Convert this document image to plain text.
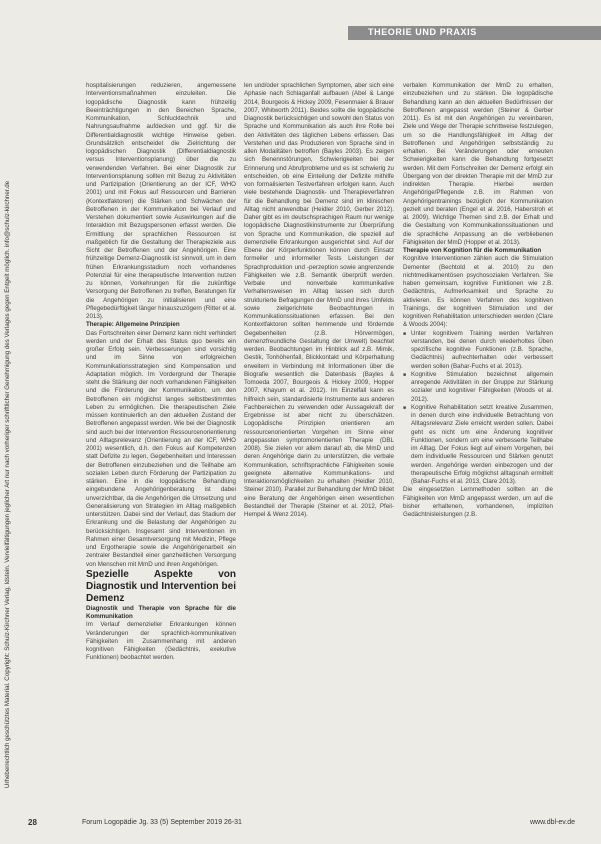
THEORIE UND PRAXIS
Urheberrechtlich geschütztes Material. Copyright: Schulz-Kirchner Verlag, Idstein. Vervielfältigungen jeglicher Art nur nach vorheriger schriftlicher Genehmigung des Verlages gegen Entgelt möglich. info@schulz-kirchner.de

hospitalisierungen reduzieren, angemessene Interventionsmaßnahmen einzuleiten. Die logopädische Diagnostik kann frühzeitig Beeinträchtigungen in den Bereichen Sprache, Kommunikation, Schlucktechnik und Nahrungsaufnahme aufdecken und ggf. für die Differentialdiagnostik wichtige Hinweise geben. Grundsätzlich entscheidet die Zielrichtung der logopädischen Diagnostik (Differentialdiagnostik versus Interventionsplanung) über die zu verwendenden Verfahren. Bei einer Diagnostik zur Interventionsplanung sollten mit Bezug zu Aktivitäten und Partizipation (Orientierung an der ICF, WHO 2001) und mit Fokus auf Ressourcen und Barrieren (Kontextfaktoren) die Stärken und Schwächen der Betroffenen in der Kommunikation bei Verlauf und Verstehen dokumentiert sowie Auswirkungen auf die Interaktion mit Bezugspersonen erfasst werden. Die Ermittlung der sprachlichen Ressourcen ist maßgeblich für die Gestaltung der Therapieziele aus Sicht der Betroffenen und der Angehörigen. Eine frühzeitige Demenz-Diagnostik ist sinnvoll, um in dem frühen Erkrankungsstadium noch vorhandenes Potenzial für eine therapeutische Intervention nutzen zu können, Vorkehrungen für die zukünftige Versorgung der Betroffenen zu treffen, Beratungen für die Angehörigen zu initialisieren und eine Pflegebedürftigkeit länger hinauszuzögern (Ritter et al. 2013).

Therapie: Allgemeine Prinzipien

Das Fortschreiten einer Demenz kann nicht verhindert werden und der Erhalt des Status quo bereits ein großer Erfolg sein. Verbesserungen sind vorsichtig und im Sinne von erfolgreichen Kommunikationsstrategien sind Kompensation und Adaptation möglich. Im Vordergrund der Therapie steht die Stärkung der noch vorhandenen Fähigkeiten und die Förderung der Kommunikation, um den Betroffenen ein möglichst langes selbstbestimmtes Leben zu ermöglichen. Die therapeutischen Ziele müssen kontinuierlich an den aktuellen Zustand der Betroffenen angepasst werden. Wie bei der Diagnostik sind auch bei der Intervention Ressourcenorientierung und Alltagsrelevanz (Orientierung an der ICF, WHO 2001) wesentlich, d.h. den Fokus auf Kompetenzen statt Defizite zu legen, Gegebenheiten und Interessen der Betroffenen einzubeziehen und die Teilhabe am sozialen Leben durch Förderung der Partizipation zu stärken. Eine in die logopädische Behandlung eingebundene Angehörigenberatung ist dabei unverzichtbar, da die Angehörigen die Umsetzung und Generalisierung von Strategien im Alltag maßgeblich unterstützen. Dabei sind der Verlauf, das Stadium der Erkrankung und die Belastung der Angehörigen zu berücksichtigen. Insgesamt sind Interventionen im Rahmen einer Gesamtversorgung mit Medizin, Pflege und Ergotherapie sowie die Angehörigenarbeit ein zentraler Bestandteil einer ganzheitlichen Versorgung von Menschen mit MmD und ihren Angehörigen.

Spezielle Aspekte von Diagnostik und Intervention bei Demenz

Diagnostik und Therapie von Sprache für die Kommunikation

Im Verlauf demenzieller Erkrankungen können Veränderungen der sprachlich-kommunikativen Fähigkeiten im Zusammenhang mit anderen kognitiven Fähigkeiten (Gedächtnis, exekutive Funktionen) beobachtet werden.

len und/oder sprachlichen Symptomen, aber sich eine Aphasie nach Schlaganfall aufbauen (Abel & Lange 2014, Bourgeois & Hickey 2009, Fesenmaier & Brauer 2007, Whitworth 2011). Beides sollte die logopädische Diagnostik berücksichtigen und sowohl den Status von Sprache und Kommunikation als auch ihre Rolle bei den Aktivitäten des täglichen Lebens erfassen. Das Verstehen und das Produzieren von Sprache sind in allen Modalitäten betroffen (Bayles 2003). Es zeigen sich Benennstörungen, Schwierigkeiten bei der Erinnerung und Abrufprobleme und es ist schwierig zu entscheiden, ob eine Einteilung der Defizite mithilfe von formalisierten Testverfahren erfolgen kann. Auch viele bestehende Diagnostik- und Therapieverfahren für die Behandlung bei Demenz sind im klinischen Alltag nicht anwendbar (Heidler 2010, Gerber 2012). Daher gibt es im deutschsprachigen Raum nur wenige logopädische Diagnostikinstrumente zur Überprüfung von Sprache und Kommunikation, die speziell auf demenzielle Erkrankungen ausgerichtet sind. Auf der Ebene der Körperfunktionen können durch Einsatz formeller und informeller Tests Leistungen der Sprachproduktion und -perzeption sowie angrenzende Fähigkeiten wie z.B. Semantik überprüft werden. Verbale und nonverbale kommunikative Verhaltensweisen im Alltag lassen sich durch strukturierte Befragungen der MmD und ihres Umfelds sowie zielgerichtete Beobachtungen in Kommunikationssituationen erfassen. Bei den Kontextfaktoren sollten hemmende und fördernde Gegebenheiten (z.B. Hörvermögen, demenzfreundliche Gestaltung der Umwelt) beachtet werden. Beobachtungen im Hinblick auf z.B. Mimik, Gestik, Tonhöhenfall, Blickkontakt und Körperhaltung erweitern in Verbindung mit Informationen über die Biografie wesentlich die Datenbasis (Bayles & Tomoeda 2007, Bourgeois & Hickey 2009, Hopper 2007, Khayum et al. 2012). Im Einzelfall kann es hilfreich sein, standardisierte Instrumente aus anderen Fachbereichen zu verwenden oder Aussagekraft der Ergebnisse ist aber nicht zu überschätzen. Logopädische Prinzipien orientieren am ressourcenorientierten Vorgehen im Sinne einer angepassten symptomorientierten Therapie (DBL 2008). Sie zielen vor allem darauf ab, die MmD und deren Angehörige darin zu unterstützen, die verbale Kommunikation, schriftsprachliche Fähigkeiten sowie geeignete alternative Kommunikations- und Interaktionsmöglichkeiten zu erhalten (Heidler 2010, Steiner 2010). Parallel zur Behandlung der MmD bildet eine Beratung der Angehörigen einen wesentlichen Bestandteil der Therapie (Steiner et al. 2012, Pfeil-Hempel & Wenz 2014).

verbalen Kommunikation der MmD zu erhalten, einzubeziehen und zu stärken. Die logopädische Behandlung kann an den aktuellen Bedürfnissen der Betroffenen angepasst werden (Steiner & Gerber 2011). Es ist mit den Angehörigen zu vereinbaren, Ziele und Wege der Therapie schrittweise festzulegen, um so die Handlungsfähigkeit im Alltag der Betroffenen und Angehörigen selbstständig zu erhalten. Bei Veränderungen oder erneuten Schwierigkeiten kann die Behandlung fortgesetzt werden. Mit dem Fortschreiten der Demenz erfolgt ein Übergang von der direkten Therapie mit der MmD zur indirekten Therapie. Hierbei werden Angehörige/Pflegende z.B. im Rahmen von Angehörigentrainings bezüglich der Kommunikation gezielt und beraten (Engel et al. 2016, Haberstroh et al. 2009). Wichtige Themen sind z.B. der Erhalt und die Gestaltung von Kommunikationssituationen und die sprachliche Anpassung an die verbliebenen Fähigkeiten der MmD (Hopper et al. 2013).

Therapie von Kognition für die Kommunikation

Kognitive Interventionen zählen auch die Stimulation Dementer (Bechtold et al. 2010) zu den nichtmedikamentösen psychosozialen Verfahren. Sie haben gemeinsam, kognitive Funktionen wie z.B. Gedächtnis, Aufmerksamkeit und Sprache zu aktivieren. Es können Verfahren des kognitiven Trainings, der kognitiven Stimulation und der kognitiven Rehabilitation unterschieden werden (Clare & Woods 2004):

■ Unter kognitivem Training werden Verfahren verstanden, bei denen durch wiederholtes Üben spezifische kognitive Funktionen (z.B. Sprache, Gedächtnis) aufrechterhalten oder verbessert werden sollen (Bahar-Fuchs et al. 2013).
■ Kognitive Stimulation bezeichnet allgemein anregende Aktivitäten in der Gruppe zur Stärkung sozialer und kognitiver Fähigkeiten (Woods et al. 2012).
■ Kognitive Rehabilitation setzt kreative Zusammen, in denen durch eine individuelle Betrachtung von Alltagsrelevanz Ziele erreicht werden sollen. Dabei geht es nicht um eine Änderung kognitiver Funktionen, sondern um eine verbesserte Teilhabe im Alltag. Der Fokus liegt auf einem Vorgehen, bei dem individuelle Ressourcen und Stärken genutzt werden. Angehörige werden einbezogen und der therapeutische Erfolg möglichst alltagsnah ermittelt (Bahar-Fuchs et al. 2013, Clare 2013).

Die eingesetzten Lernmethoden sollten an die Fähigkeiten von MmD angepasst werden, um auf die bisher erhaltenen, vorhandenen, impliziten Gedächtnisleistungen (z.B.

28	Forum Logopädie Jg. 33 (5) September 2019 26-31	www.dbl-ev.de
